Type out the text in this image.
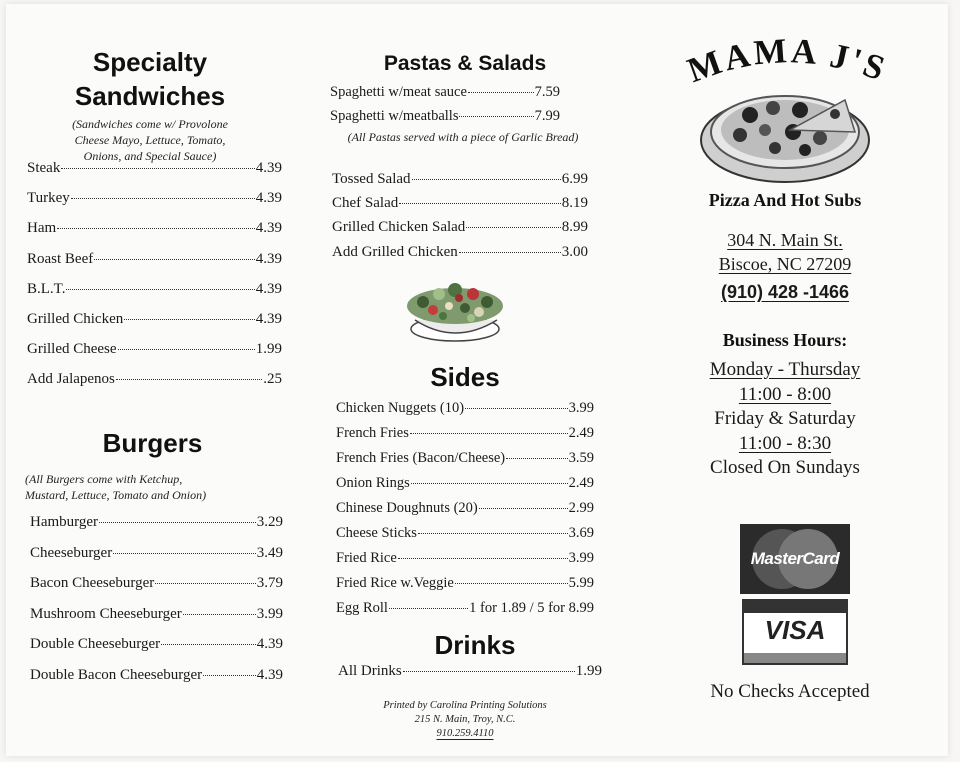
Specialty
Sandwiches
(Sandwiches come w/ Provolone
Cheese Mayo, Lettuce, Tomato,
Onions, and Special Sauce)
Steak	4.39
Turkey	4.39
Ham	4.39
Roast Beef	4.39
B.L.T.	4.39
Grilled Chicken	4.39
Grilled Cheese	1.99
Add Jalapenos	.25
Burgers
(All Burgers come with Ketchup,
Mustard, Lettuce, Tomato and Onion)
Hamburger	3.29
Cheeseburger	3.49
Bacon Cheeseburger	3.79
Mushroom Cheeseburger	3.99
Double Cheeseburger	4.39
Double Bacon Cheeseburger	4.39
Pastas & Salads
Spaghetti w/meat sauce	7.59
Spaghetti w/meatballs	7.99
(All Pastas served with a piece of Garlic Bread)
Tossed Salad	6.99
Chef Salad	8.19
Grilled Chicken Salad	8.99
Add Grilled Chicken	3.00
Sides
Chicken Nuggets (10)	3.99
French Fries	2.49
French Fries (Bacon/Cheese)	3.59
Onion Rings	2.49
Chinese Doughnuts (20)	2.99
Cheese Sticks	3.69
Fried Rice	3.99
Fried Rice w.Veggie	5.99
Egg Roll	1 for 1.89 / 5 for 8.99
Drinks
All Drinks	1.99
Printed by Carolina Printing Solutions
215 N. Main, Troy, N.C.
910.259.4110
MAMA J'S
Pizza And Hot Subs
304 N. Main St.
Biscoe, NC 27209
(910) 428 -1466
Business Hours:
Monday - Thursday
11:00 - 8:00
Friday & Saturday
11:00 - 8:30
Closed On Sundays
MasterCard
VISA
No Checks Accepted
